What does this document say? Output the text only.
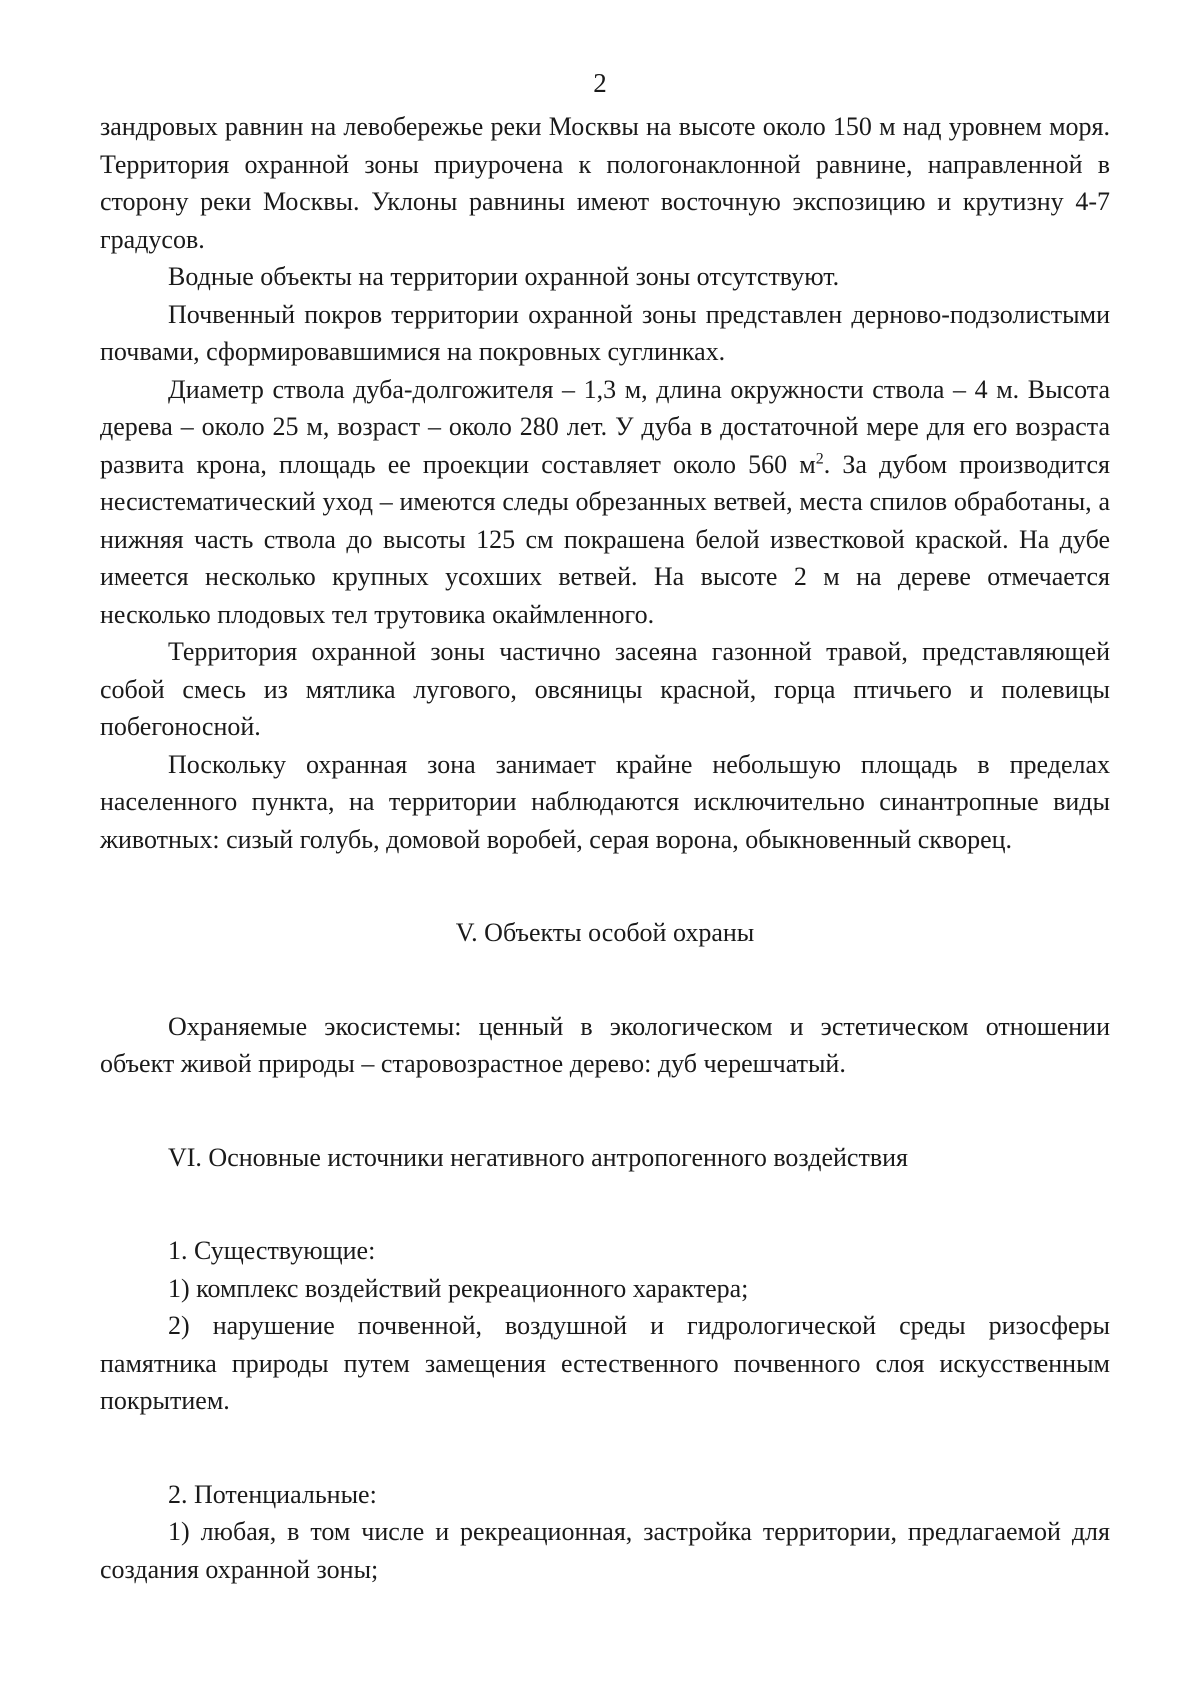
2

зандровых равнин на левобережье реки Москвы на высоте около 150 м над уровнем моря. Территория охранной зоны приурочена к пологонаклонной равнине, направленной в сторону реки Москвы. Уклоны равнины имеют восточную экспозицию и крутизну 4-7 градусов.

Водные объекты на территории охранной зоны отсутствуют.

Почвенный покров территории охранной зоны представлен дерново-подзолистыми почвами, сформировавшимися на покровных суглинках.

Диаметр ствола дуба-долгожителя – 1,3 м, длина окружности ствола – 4 м. Высота дерева – около 25 м, возраст – около 280 лет. У дуба в достаточной мере для его возраста развита крона, площадь ее проекции составляет около 560 $м^2$. За дубом производится несистематический уход – имеются следы обрезанных ветвей, места спилов обработаны, а нижняя часть ствола до высоты 125 см покрашена белой известковой краской. На дубе имеется несколько крупных усохших ветвей. На высоте 2 м на дереве отмечается несколько плодовых тел трутовика окаймленного.

Территория охранной зоны частично засеяна газонной травой, представляющей собой смесь из мятлика лугового, овсяницы красной, горца птичьего и полевицы побегоносной.

Поскольку охранная зона занимает крайне небольшую площадь в пределах населенного пункта, на территории наблюдаются исключительно синантропные виды животных: сизый голубь, домовой воробей, серая ворона, обыкновенный скворец.

V. Объекты особой охраны

Охраняемые экосистемы: ценный в экологическом и эстетическом отношении объект живой природы – старовозрастное дерево: дуб черешчатый.

VI. Основные источники негативного антропогенного воздействия
1. Существующие:

1) комплекс воздействий рекреационного характера;

2) нарушение почвенной, воздушной и гидрологической среды ризосферы памятника природы путем замещения естественного почвенного слоя искусственным покрытием.

2. Потенциальные:

1) любая, в том числе и рекреационная, застройка территории, предлагаемой для создания охранной зоны;
